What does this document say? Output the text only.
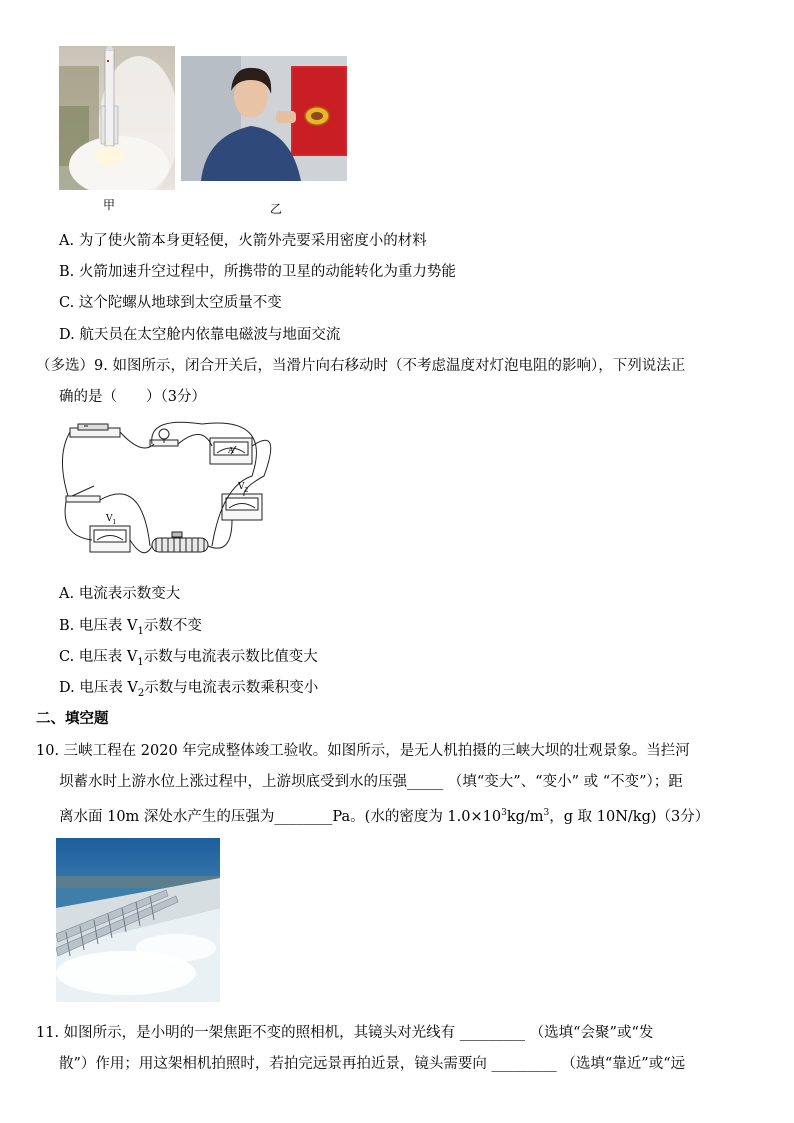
甲	乙
A. 为了使火箭本身更轻便，火箭外壳要采用密度小的材料
B. 火箭加速升空过程中，所携带的卫星的动能转化为重力势能
C. 这个陀螺从地球到太空质量不变
D. 航天员在太空舱内依靠电磁波与地面交流
（多选）9. 如图所示，闭合开关后，当滑片向右移动时（不考虑温度对灯泡电阻的影响），下列说法正
确的是（　　）（3分）
A
$V_2$
$V_1$
A. 电流表示数变大
B. 电压表 $V_1$示数不变
C. 电压表 $V_1$示数与电流表示数比值变大
D. 电压表 $V_2$示数与电流表示数乘积变小
二、填空题
10. 三峡工程在 2020 年完成整体竣工验收。如图所示，是无人机拍摄的三峡大坝的壮观景象。当拦河
坝蓄水时上游水位上涨过程中，上游坝底受到水的压强_____ （填“变大”、“变小” 或 “不变”）；距
离水面 10m 深处水产生的压强为________Pa。(水的密度为 $1.0\times 10^3kg/m^3$，g 取 10N/kg)（3分）
11. 如图所示，是小明的一架焦距不变的照相机，其镜头对光线有 _________ （选填“会聚”或“发
散”）作用；用这架相机拍照时，若拍完远景再拍近景，镜头需要向 _________ （选填“靠近”或“远
